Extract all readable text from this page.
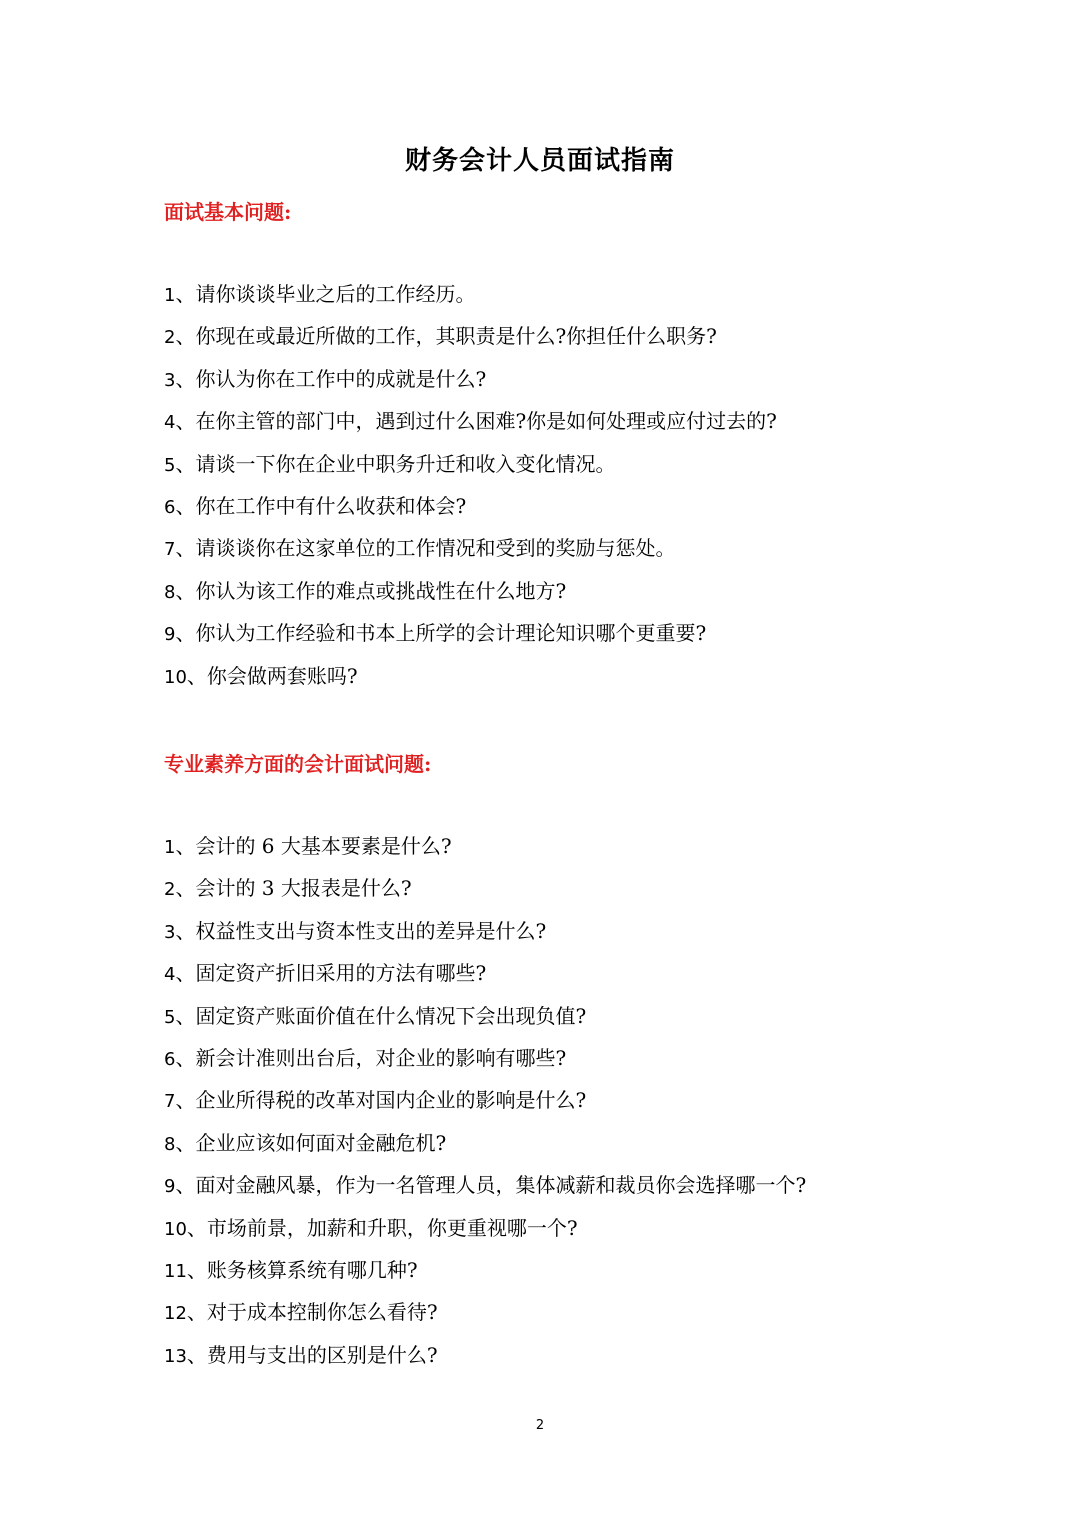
财务会计人员面试指南
面试基本问题:
1、请你谈谈毕业之后的工作经历。
2、你现在或最近所做的工作，其职责是什么?你担任什么职务?
3、你认为你在工作中的成就是什么?
4、在你主管的部门中，遇到过什么困难?你是如何处理或应付过去的?
5、请谈一下你在企业中职务升迁和收入变化情况。
6、你在工作中有什么收获和体会?
7、请谈谈你在这家单位的工作情况和受到的奖励与惩处。
8、你认为该工作的难点或挑战性在什么地方?
9、你认为工作经验和书本上所学的会计理论知识哪个更重要?
10、你会做两套账吗?
专业素养方面的会计面试问题:
1、会计的 6 大基本要素是什么?
2、会计的 3 大报表是什么?
3、权益性支出与资本性支出的差异是什么?
4、固定资产折旧采用的方法有哪些?
5、固定资产账面价值在什么情况下会出现负值?
6、新会计准则出台后，对企业的影响有哪些?
7、企业所得税的改革对国内企业的影响是什么?
8、企业应该如何面对金融危机?
9、面对金融风暴，作为一名管理人员，集体减薪和裁员你会选择哪一个?
10、市场前景，加薪和升职，你更重视哪一个?
11、账务核算系统有哪几种?
12、对于成本控制你怎么看待?
13、费用与支出的区别是什么?
2
